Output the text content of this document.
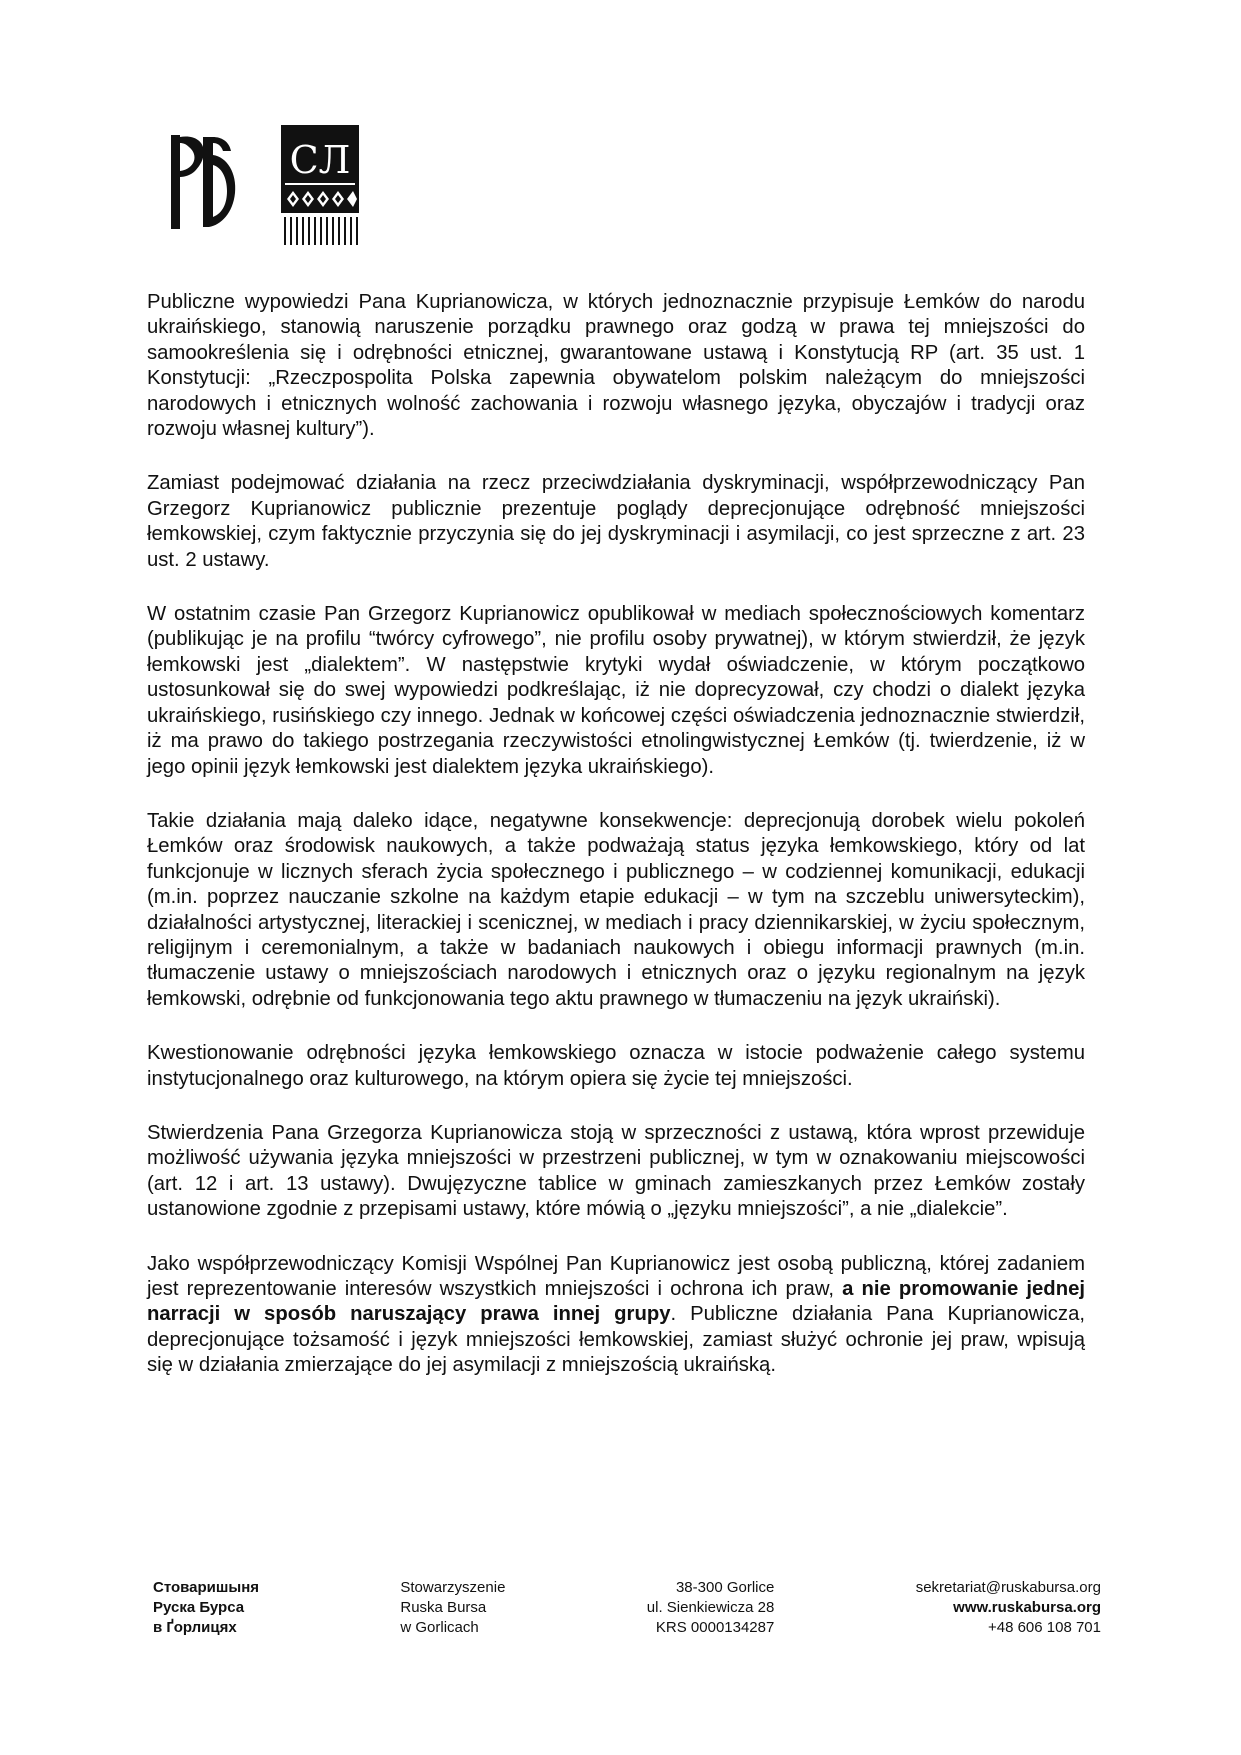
СЛ

Publiczne wypowiedzi Pana Kuprianowicza, w których jednoznacznie przypisuje Łemków do narodu ukraińskiego, stanowią naruszenie porządku prawnego oraz godzą w prawa tej mniejszości do samookreślenia się i odrębności etnicznej, gwarantowane ustawą i Konstytucją RP (art. 35 ust. 1 Konstytucji: „Rzeczpospolita Polska zapewnia obywatelom polskim należącym do mniejszości narodowych i etnicznych wolność zachowania i rozwoju własnego języka, obyczajów i tradycji oraz rozwoju własnej kultury”).

Zamiast podejmować działania na rzecz przeciwdziałania dyskryminacji, współprzewodniczący Pan Grzegorz Kuprianowicz publicznie prezentuje poglądy deprecjonujące odrębność mniejszości łemkowskiej, czym faktycznie przyczynia się do jej dyskryminacji i asymilacji, co jest sprzeczne z art. 23 ust. 2 ustawy.

W ostatnim czasie Pan Grzegorz Kuprianowicz opublikował w mediach społecznościowych komentarz (publikując je na profilu “twórcy cyfrowego”, nie profilu osoby prywatnej), w którym stwierdził, że język łemkowski jest „dialektem”. W następstwie krytyki wydał oświadczenie, w którym początkowo ustosunkował się do swej wypowiedzi podkreślając, iż nie doprecyzował, czy chodzi o dialekt języka ukraińskiego, rusińskiego czy innego. Jednak w końcowej części oświadczenia jednoznacznie stwierdził, iż ma prawo do takiego postrzegania rzeczywistości etnolingwistycznej Łemków (tj. twierdzenie, iż w jego opinii język łemkowski jest dialektem języka ukraińskiego).

Takie działania mają daleko idące, negatywne konsekwencje: deprecjonują dorobek wielu pokoleń Łemków oraz środowisk naukowych, a także podważają status języka łemkowskiego, który od lat funkcjonuje w licznych sferach życia społecznego i publicznego – w codziennej komunikacji, edukacji (m.in. poprzez nauczanie szkolne na każdym etapie edukacji – w tym na szczeblu uniwersyteckim), działalności artystycznej, literackiej i scenicznej, w mediach i pracy dziennikarskiej, w życiu społecznym, religijnym i ceremonialnym, a także w badaniach naukowych i obiegu informacji prawnych (m.in. tłumaczenie ustawy o mniejszościach narodowych i etnicznych oraz o języku regionalnym na język łemkowski, odrębnie od funkcjonowania tego aktu prawnego w tłumaczeniu na język ukraiński).

Kwestionowanie odrębności języka łemkowskiego oznacza w istocie podważenie całego systemu instytucjonalnego oraz kulturowego, na którym opiera się życie tej mniejszości.

Stwierdzenia Pana Grzegorza Kuprianowicza stoją w sprzeczności z ustawą, która wprost przewiduje możliwość używania języka mniejszości w przestrzeni publicznej, w tym w oznakowaniu miejscowości (art. 12 i art. 13 ustawy). Dwujęzyczne tablice w gminach zamieszkanych przez Łemków zostały ustanowione zgodnie z przepisami ustawy, które mówią o „języku mniejszości”, a nie „dialekcie”.

Jako współprzewodniczący Komisji Wspólnej Pan Kuprianowicz jest osobą publiczną, której zadaniem jest reprezentowanie interesów wszystkich mniejszości i ochrona ich praw, a nie promowanie jednej narracji w sposób naruszający prawa innej grupy. Publiczne działania Pana Kuprianowicza, deprecjonujące tożsamość i język mniejszości łemkowskiej, zamiast służyć ochronie jej praw, wpisują się w działania zmierzające do jej asymilacji z mniejszością ukraińską.

Стоваришыня
Руска Бурса
в Ґорлицях
Stowarzyszenie
Ruska Bursa
w Gorlicach
38-300 Gorlice
ul. Sienkiewicza 28
KRS 0000134287
sekretariat@ruskabursa.org
www.ruskabursa.org
+48 606 108 701
